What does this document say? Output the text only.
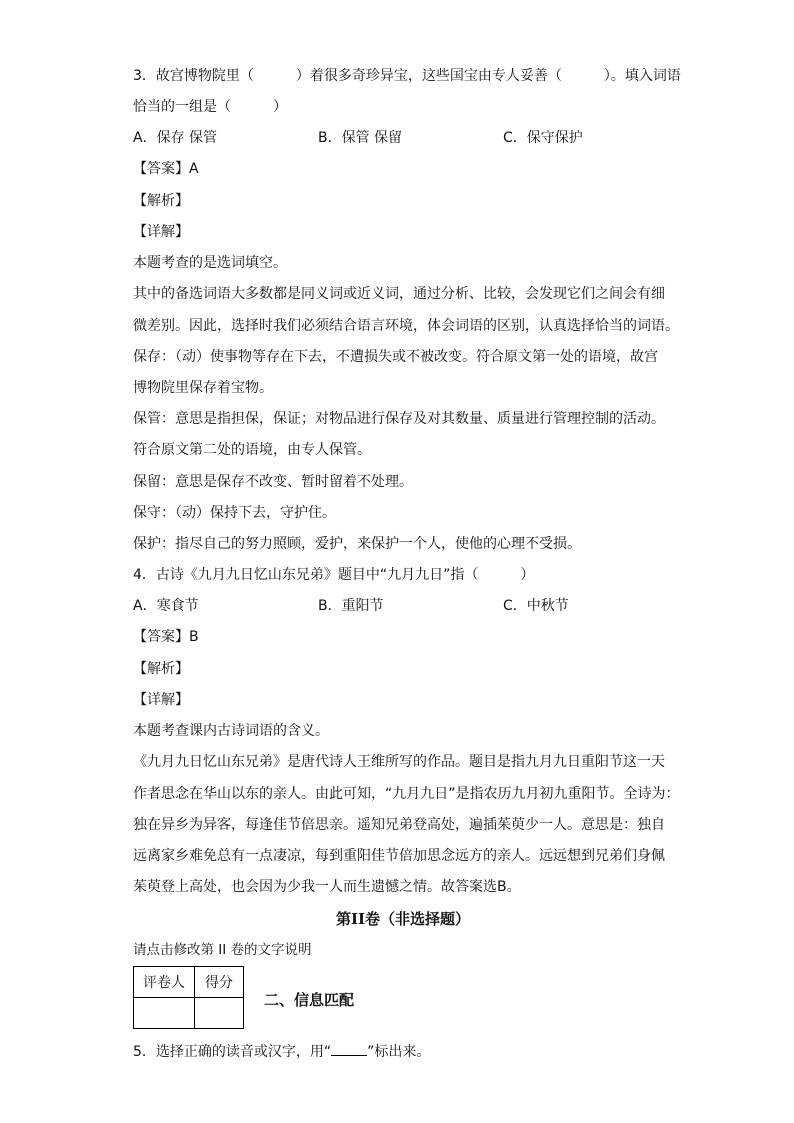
3．故宫博物院里（　　　）着很多奇珍异宝，这些国宝由专人妥善（　　　）。填入词语
恰当的一组是（　　　）
A．保存 保管	B．保管 保留	C．保守保护
【答案】A
【解析】
【详解】
本题考查的是选词填空。
其中的备选词语大多数都是同义词或近义词，通过分析、比较，会发现它们之间会有细
微差别。因此，选择时我们必须结合语言环境，体会词语的区别，认真选择恰当的词语。
保存：（动）使事物等存在下去，不遭损失或不被改变。符合原文第一处的语境，故宫
博物院里保存着宝物。
保管：意思是指担保，保证；对物品进行保存及对其数量、质量进行管理控制的活动。
符合原文第二处的语境，由专人保管。
保留：意思是保存不改变、暂时留着不处理。
保守：（动）保持下去，守护住。
保护：指尽自己的努力照顾，爱护，来保护一个人，使他的心理不受损。
4．古诗《九月九日忆山东兄弟》题目中“九月九日”指（　　　）
A．寒食节	B．重阳节	C．中秋节
【答案】B
【解析】
【详解】
本题考查课内古诗词语的含义。
《九月九日忆山东兄弟》是唐代诗人王维所写的作品。题目是指九月九日重阳节这一天
作者思念在华山以东的亲人。由此可知，“九月九日”是指农历九月初九重阳节。全诗为：
独在异乡为异客，每逢佳节倍思亲。遥知兄弟登高处，遍插茱萸少一人。意思是：独自
远离家乡难免总有一点凄凉，每到重阳佳节倍加思念远方的亲人。远远想到兄弟们身佩
茱萸登上高处，也会因为少我一人而生遗憾之情。故答案选B。
第II卷（非选择题）
请点击修改第 II 卷的文字说明
评卷人	得分

二、信息匹配
5．选择正确的读音或汉字，用“	”标出来。
